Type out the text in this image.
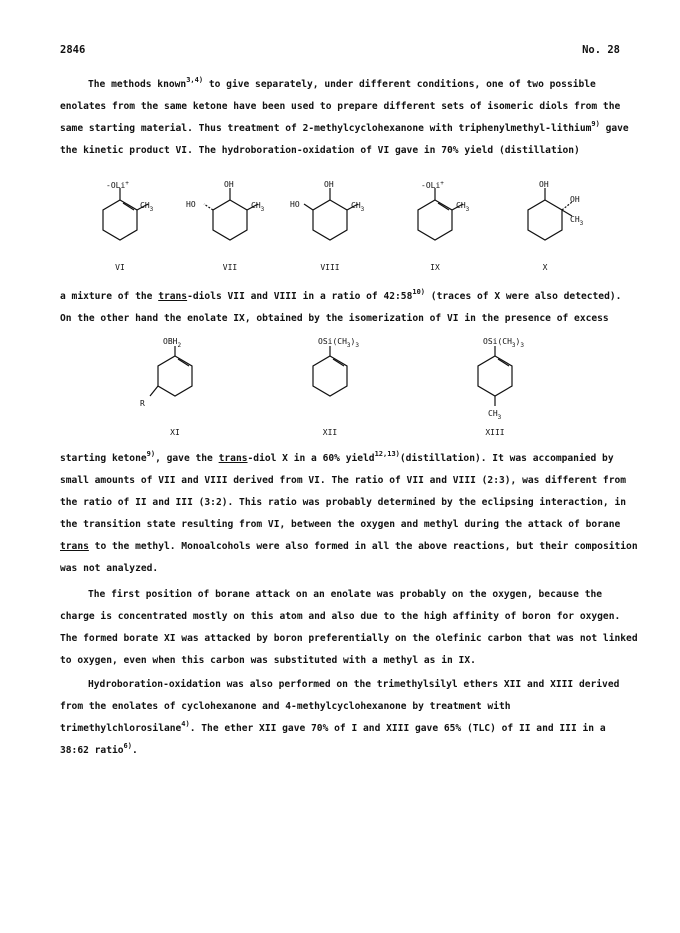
2846	No. 28

The methods known$^{3,4)}$ to give separately, under different conditions, one of two possible enolates from the same ketone have been used to prepare different sets of isomeric diols from the same starting material. Thus treatment of 2-methylcyclohexanone with triphenylmethyl-lithium$^{9)}$ gave the kinetic product VI. The hydroboration-oxidation of VI gave in 70% yield (distillation)

-OLi+
$CH_3$
OH
HO	$CH_3$
OH
HO	$CH_3$
-OLi+
$CH_3$
OH
OH
$CH_3$
VI	VII	VIII	IX	X

a mixture of the trans-diols VII and VIII in a ratio of 42:58$^{10)}$ (traces of X were also detected). On the other hand the enolate IX, obtained by the isomerization of VI in the presence of excess

$OBH_2$
R
$OSi(CH_3)_3$	$OSi(CH_3)_3$
$CH_3$
XI	XII	XIII

starting ketone$^{9)}$, gave the trans-diol X in a 60% yield$^{12,13)}$(distillation). It was accompanied by small amounts of VII and VIII derived from VI. The ratio of VII and VIII (2:3), was different from the ratio of II and III (3:2). This ratio was probably determined by the eclipsing interaction, in the transition state resulting from VI, between the oxygen and methyl during the attack of borane trans to the methyl. Monoalcohols were also formed in all the above reactions, but their composition was not analyzed.

The first position of borane attack on an enolate was probably on the oxygen, because the charge is concentrated mostly on this atom and also due to the high affinity of boron for oxygen. The formed borate XI was attacked by boron preferentially on the olefinic carbon that was not linked to oxygen, even when this carbon was substituted with a methyl as in IX.

Hydroboration-oxidation was also performed on the trimethylsilyl ethers XII and XIII derived from the enolates of cyclohexanone and 4-methylcyclohexanone by treatment with trimethylchlorosilane$^{4)}$. The ether XII gave 70% of I and XIII gave 65% (TLC) of II and III in a 38:62 ratio$^{6)}$.
